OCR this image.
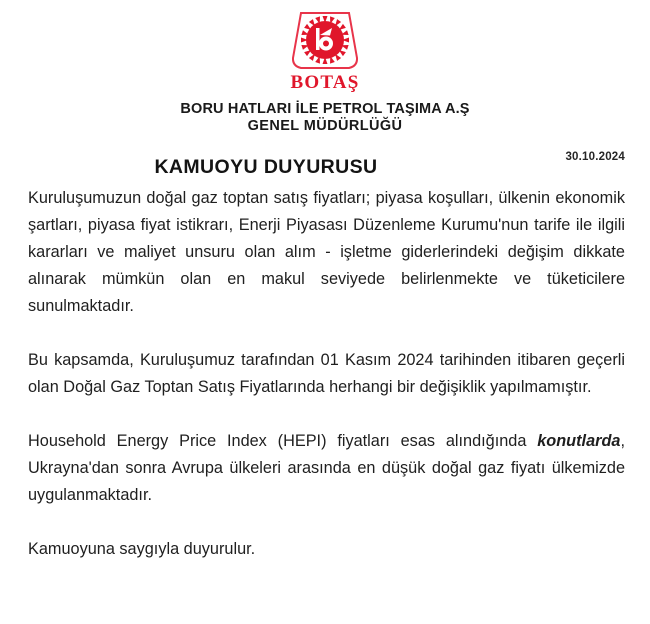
BOTAŞ
BORU HATLARI İLE PETROL TAŞIMA A.Ş
GENEL MÜDÜRLÜĞÜ
KAMUOYU DUYURUSU	30.10.2024

Kuruluşumuzun doğal gaz toptan satış fiyatları; piyasa koşulları, ülkenin ekonomik şartları, piyasa fiyat istikrarı, Enerji Piyasası Düzenleme Kurumu'nun tarife ile ilgili kararları ve maliyet unsuru olan alım - işletme giderlerindeki değişim dikkate alınarak mümkün olan en makul seviyede belirlenmekte ve tüketicilere sunulmaktadır.

Bu kapsamda, Kuruluşumuz tarafından 01 Kasım 2024 tarihinden itibaren geçerli olan Doğal Gaz Toptan Satış Fiyatlarında herhangi bir değişiklik yapılmamıştır.

Household Energy Price Index (HEPI) fiyatları esas alındığında konutlarda, Ukrayna'dan sonra Avrupa ülkeleri arasında en düşük doğal gaz fiyatı ülkemizde uygulanmaktadır.

Kamuoyuna saygıyla duyurulur.
